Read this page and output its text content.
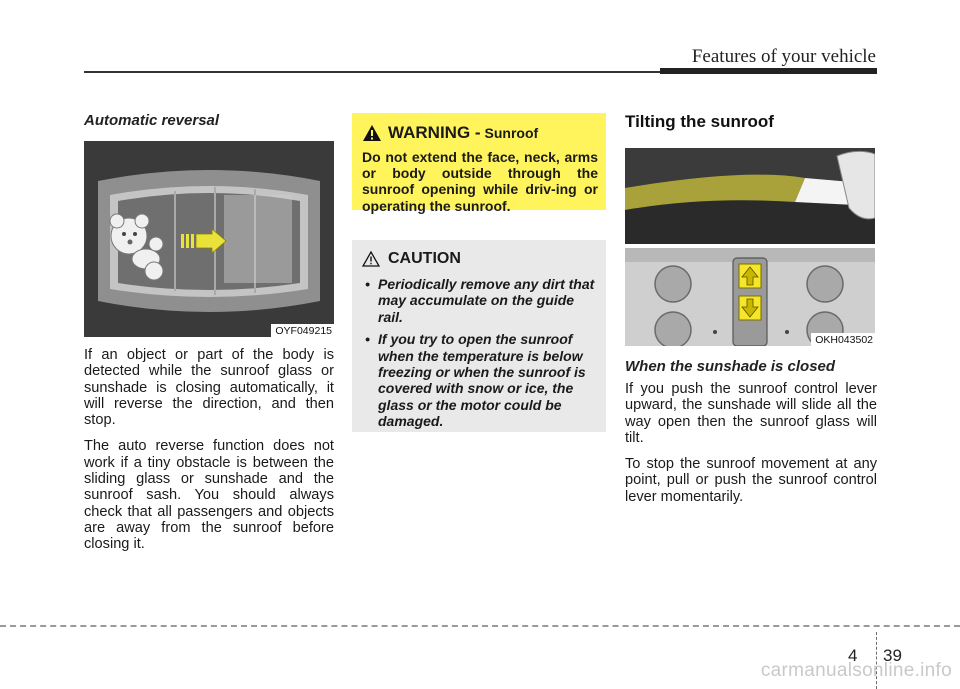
Features of your vehicle
Automatic reversal
OYF049215

If an object or part of the body is detected while the sunroof glass or sunshade is closing automatically, it will reverse the direction, and then stop.

The auto reverse function does not work if a tiny obstacle is between the sliding glass or sunshade and the sunroof sash. You should always check that all passengers and objects are away from the sunroof before closing it.

WARNING - Sunroof

Do not extend the face, neck, arms or body outside through the sunroof opening while driv-ing or operating the sunroof.

CAUTION

• Periodically remove any dirt that may accumulate on the guide rail.

• If you try to open the sunroof when the temperature is below freezing or when the sunroof is covered with snow or ice, the glass or the motor could be damaged.

Tilting the sunroof
OKH043502
When the sunshade is closed

If you push the sunroof control lever upward, the sunshade will slide all the way open then the sunroof glass will tilt.

To stop the sunroof movement at any point, pull or push the sunroof control lever momentarily.

4 39
carmanualsonline.info
